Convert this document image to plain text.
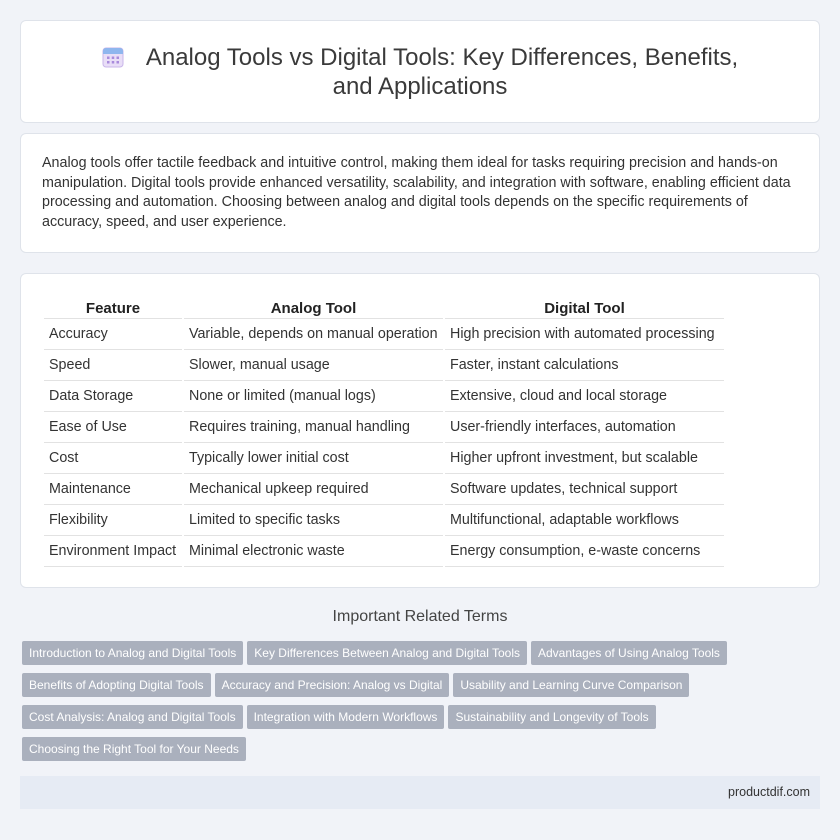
Analog Tools vs Digital Tools: Key Differences, Benefits, and Applications

Analog tools offer tactile feedback and intuitive control, making them ideal for tasks requiring precision and hands-on manipulation. Digital tools provide enhanced versatility, scalability, and integration with software, enabling efficient data processing and automation. Choosing between analog and digital tools depends on the specific requirements of accuracy, speed, and user experience.

Feature	Analog Tool	Digital Tool
Accuracy	Variable, depends on manual operation	High precision with automated processing
Speed	Slower, manual usage	Faster, instant calculations
Data Storage	None or limited (manual logs)	Extensive, cloud and local storage
Ease of Use	Requires training, manual handling	User-friendly interfaces, automation
Cost	Typically lower initial cost	Higher upfront investment, but scalable
Maintenance	Mechanical upkeep required	Software updates, technical support
Flexibility	Limited to specific tasks	Multifunctional, adaptable workflows
Environment Impact	Minimal electronic waste	Energy consumption, e-waste concerns
Important Related Terms
Introduction to Analog and Digital Tools Key Differences Between Analog and Digital Tools Advantages of Using Analog Tools
Benefits of Adopting Digital Tools Accuracy and Precision: Analog vs Digital Usability and Learning Curve Comparison
Cost Analysis: Analog and Digital Tools Integration with Modern Workflows Sustainability and Longevity of Tools
Choosing the Right Tool for Your Needs
productdif.com
